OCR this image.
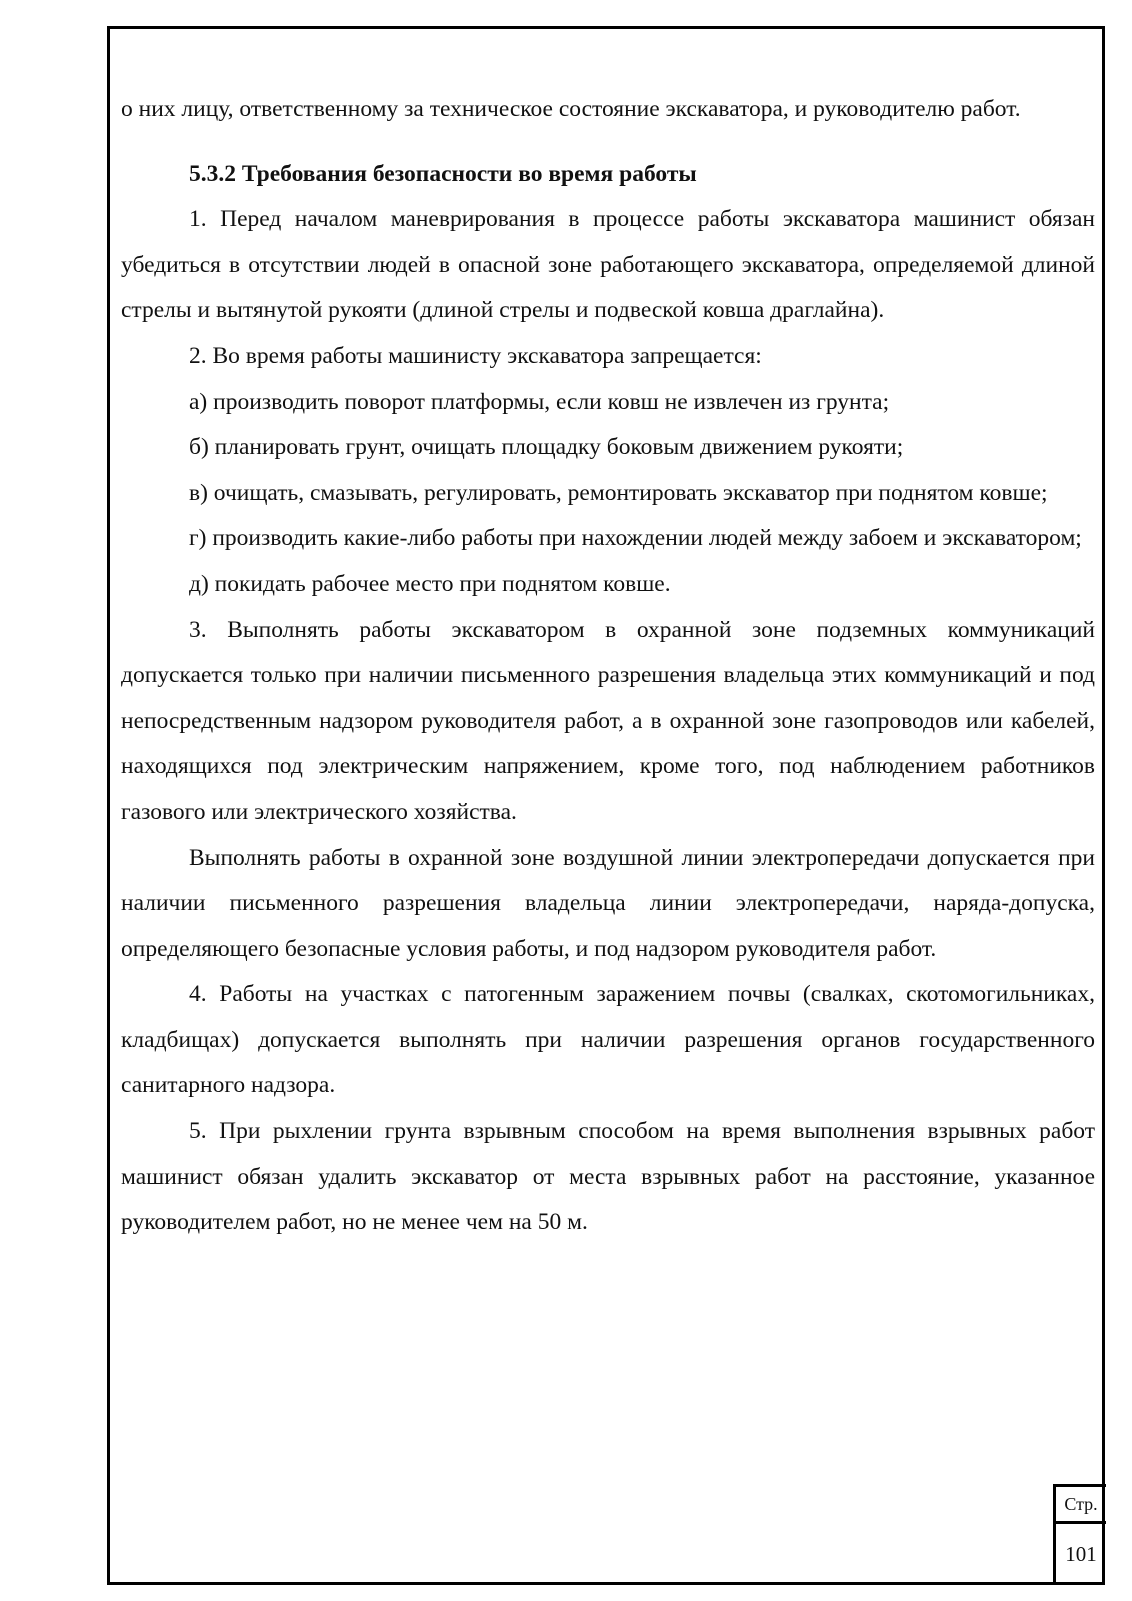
о них лицу, ответственному за техническое состояние экскаватора, и руководителю работ.

5.3.2 Требования безопасности во время работы

1. Перед началом маневрирования в процессе работы экскаватора машинист обязан убедиться в отсутствии людей в опасной зоне работающего экскаватора, определяемой длиной стрелы и вытянутой рукояти (длиной стрелы и подвеской ковша драглайна).

2. Во время работы машинисту экскаватора запрещается:

а) производить поворот платформы, если ковш не извлечен из грунта;

б) планировать грунт, очищать площадку боковым движением рукояти;

в) очищать, смазывать, регулировать, ремонтировать экскаватор при поднятом ковше;

г) производить какие-либо работы при нахождении людей между забоем и экскаватором;

д) покидать рабочее место при поднятом ковше.

3. Выполнять работы экскаватором в охранной зоне подземных коммуникаций допускается только при наличии письменного разрешения владельца этих коммуникаций и под непосредственным надзором руководителя работ, а в охранной зоне газопроводов или кабелей, находящихся под электрическим напряжением, кроме того, под наблюдением работников газового или электрического хозяйства.

Выполнять работы в охранной зоне воздушной линии электропередачи допускается при наличии письменного разрешения владельца линии электропередачи, наряда-допуска, определяющего безопасные условия работы, и под надзором руководителя работ.

4. Работы на участках с патогенным заражением почвы (свалках, скотомогильниках, кладбищах) допускается выполнять при наличии разрешения органов государственного санитарного надзора.

5. При рыхлении грунта взрывным способом на время выполнения взрывных работ машинист обязан удалить экскаватор от места взрывных работ на расстояние, указанное руководителем работ, но не менее чем на 50 м.

Стр.
101
